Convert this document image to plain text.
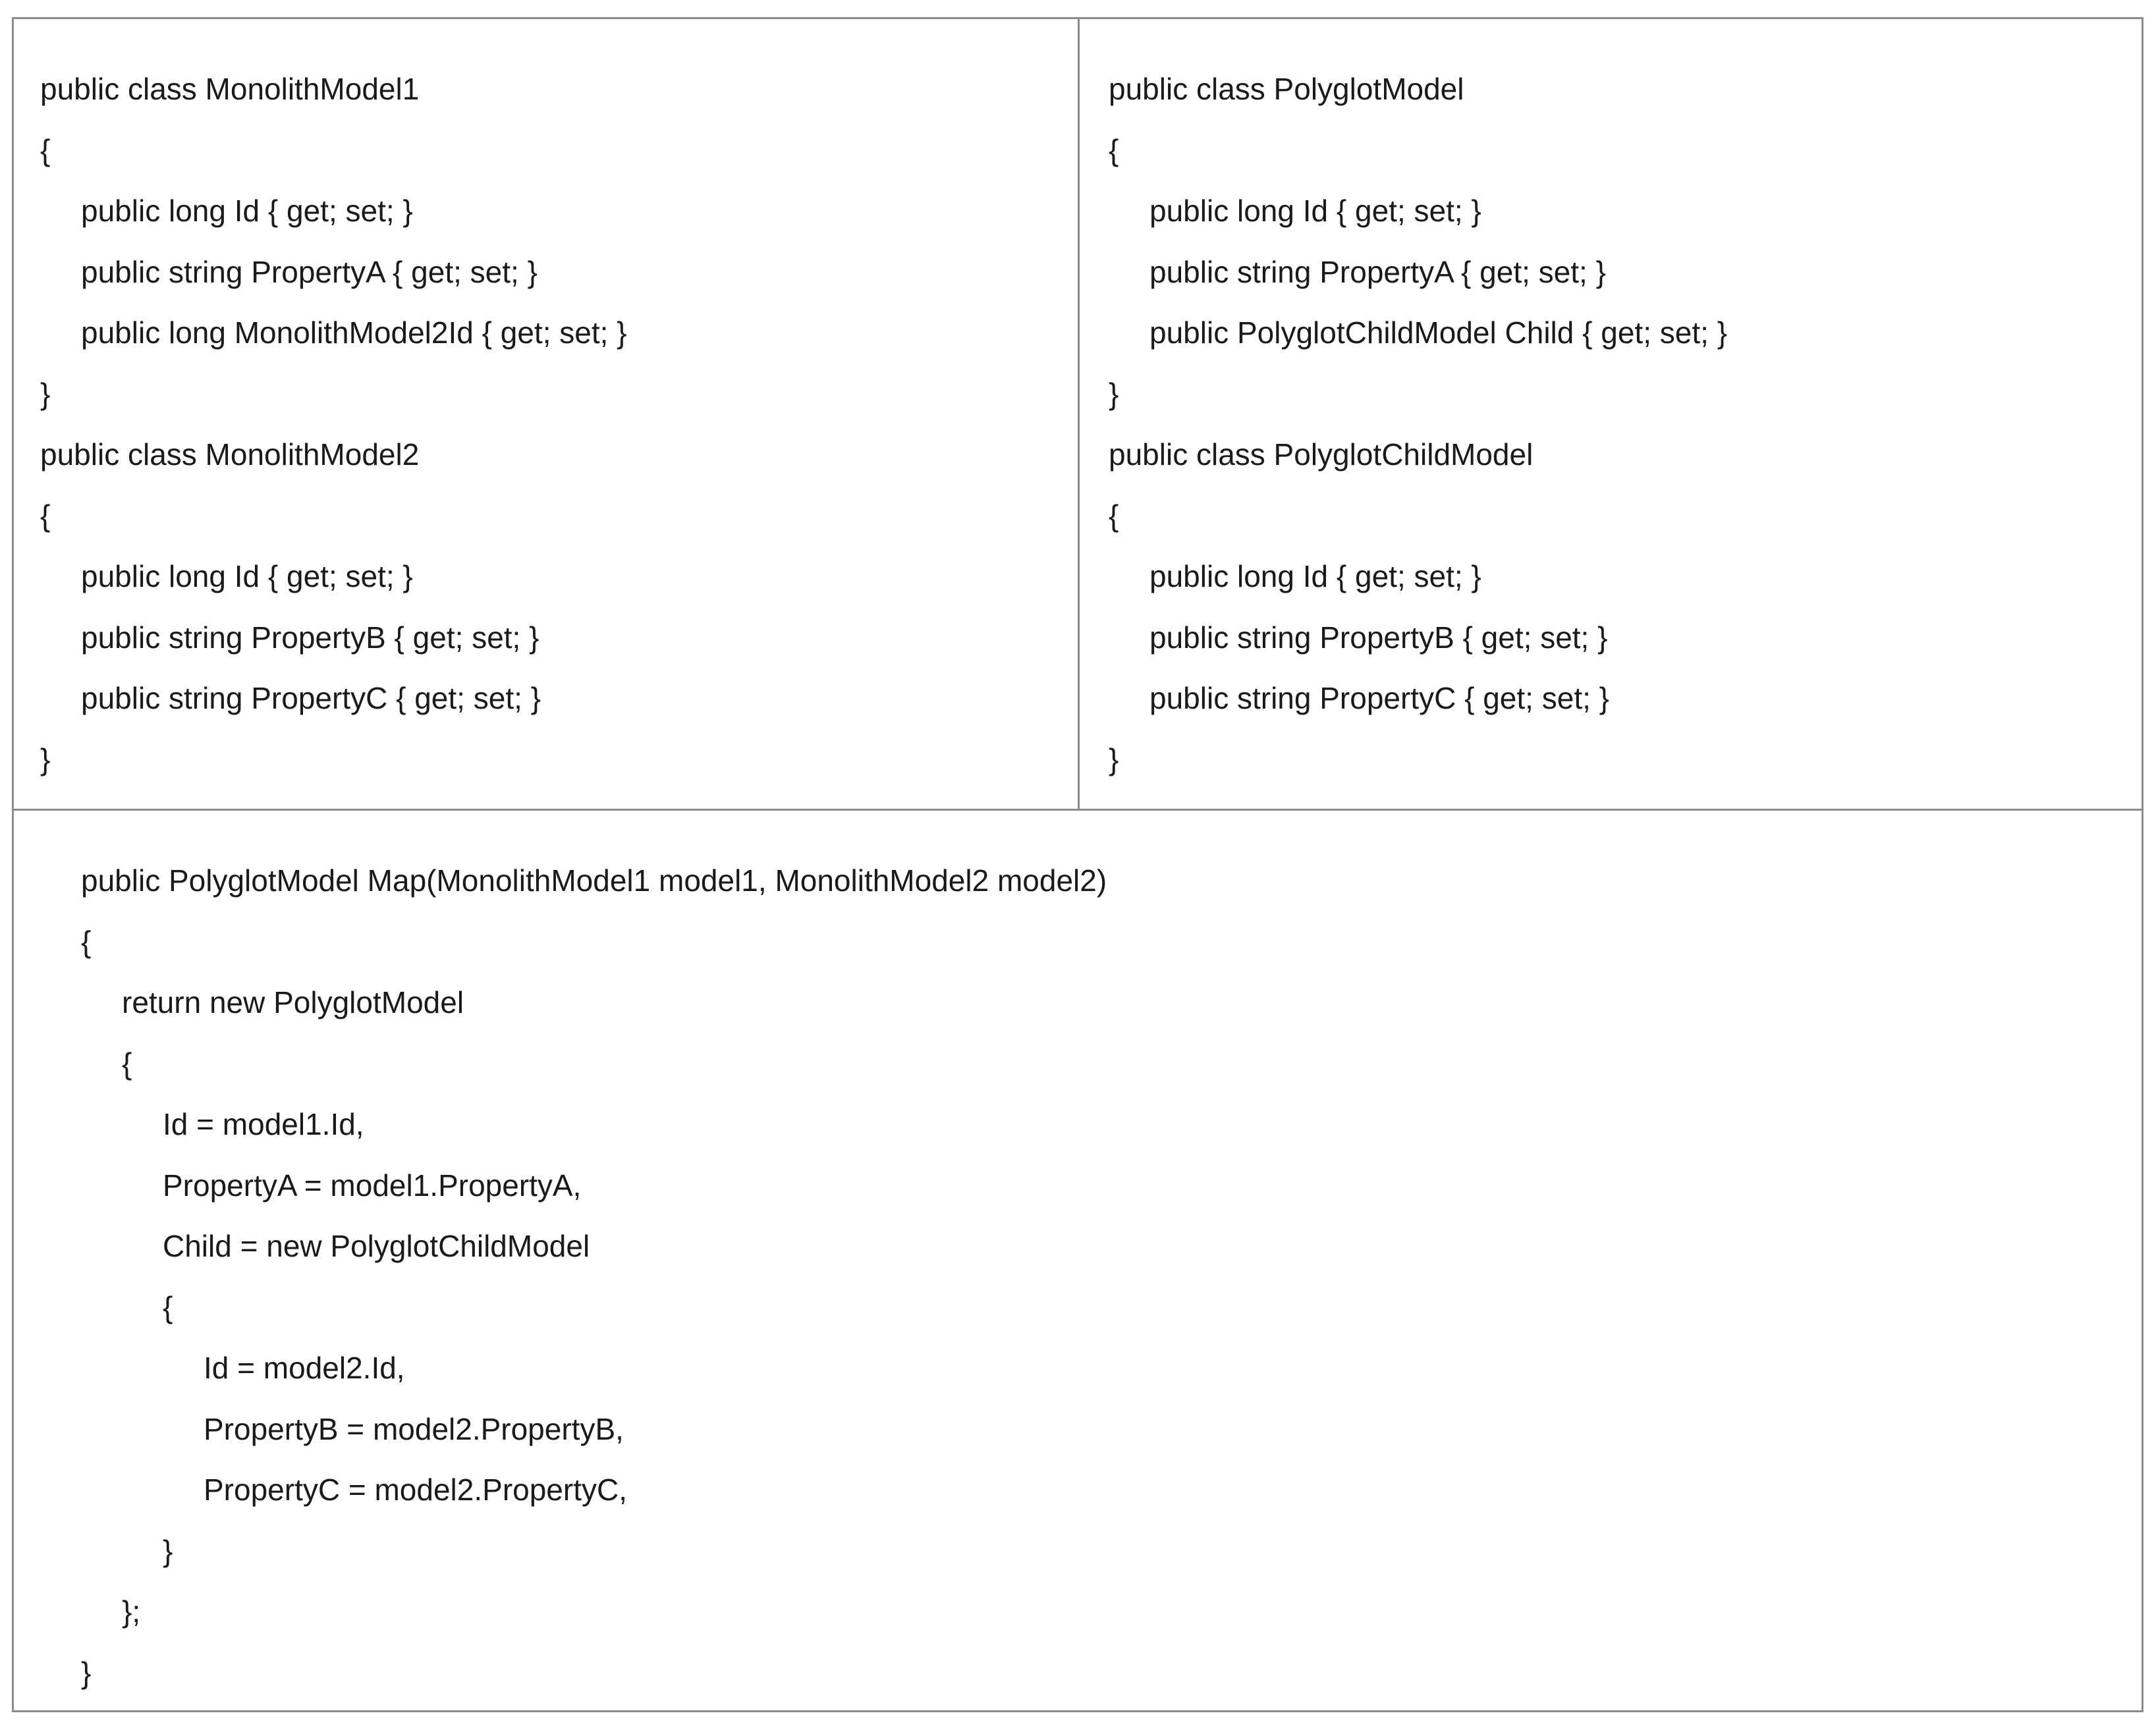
public class MonolithModel1
{
public long Id { get; set; }
public string PropertyA { get; set; }
public long MonolithModel2Id { get; set; }
}
public class MonolithModel2
{
public long Id { get; set; }
public string PropertyB { get; set; }
public string PropertyC { get; set; }
}
public class PolyglotModel
{
public long Id { get; set; }
public string PropertyA { get; set; }
public PolyglotChildModel Child { get; set; }
}
public class PolyglotChildModel
{
public long Id { get; set; }
public string PropertyB { get; set; }
public string PropertyC { get; set; }
}
public PolyglotModel Map(MonolithModel1 model1, MonolithModel2 model2)
{
return new PolyglotModel
{
Id = model1.Id,
PropertyA = model1.PropertyA,
Child = new PolyglotChildModel
{
Id = model2.Id,
PropertyB = model2.PropertyB,
PropertyC = model2.PropertyC,
}
};
}
